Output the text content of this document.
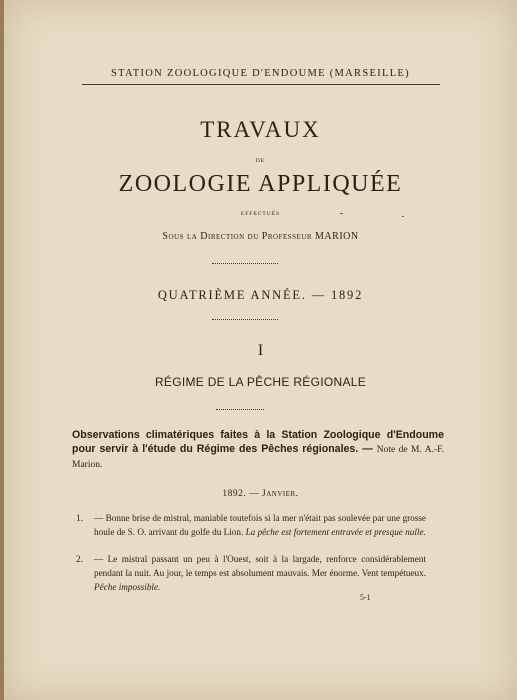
STATION ZOOLOGIQUE D'ENDOUME (MARSEILLE)
TRAVAUX
DE
ZOOLOGIE APPLIQUÉE
EFFECTUÉS
Sous la Direction du Professeur MARION
QUATRIÈME ANNÉE. — 1892
I
RÉGIME DE LA PÊCHE RÉGIONALE
Observations climatériques faites à la Station Zoologique d'Endoume pour servir à l'étude du Régime des Pêches régionales. — Note de M. A.-F. Marion.
1892. — Janvier.
1.	— Bonne brise de mistral, maniable toutefois si la mer n'était pas soulevée par une grosse houle de S. O. arrivant du golfe du Lion. La pêche est fortement entravée et presque nulle.
2.	— Le mistral passant un peu à l'Ouest, soit à la largade, renforce considérablement pendant la nuit. Au jour, le temps est absolument mauvais. Mer énorme. Vent tempétueux. Pêche impossible.
5-1
